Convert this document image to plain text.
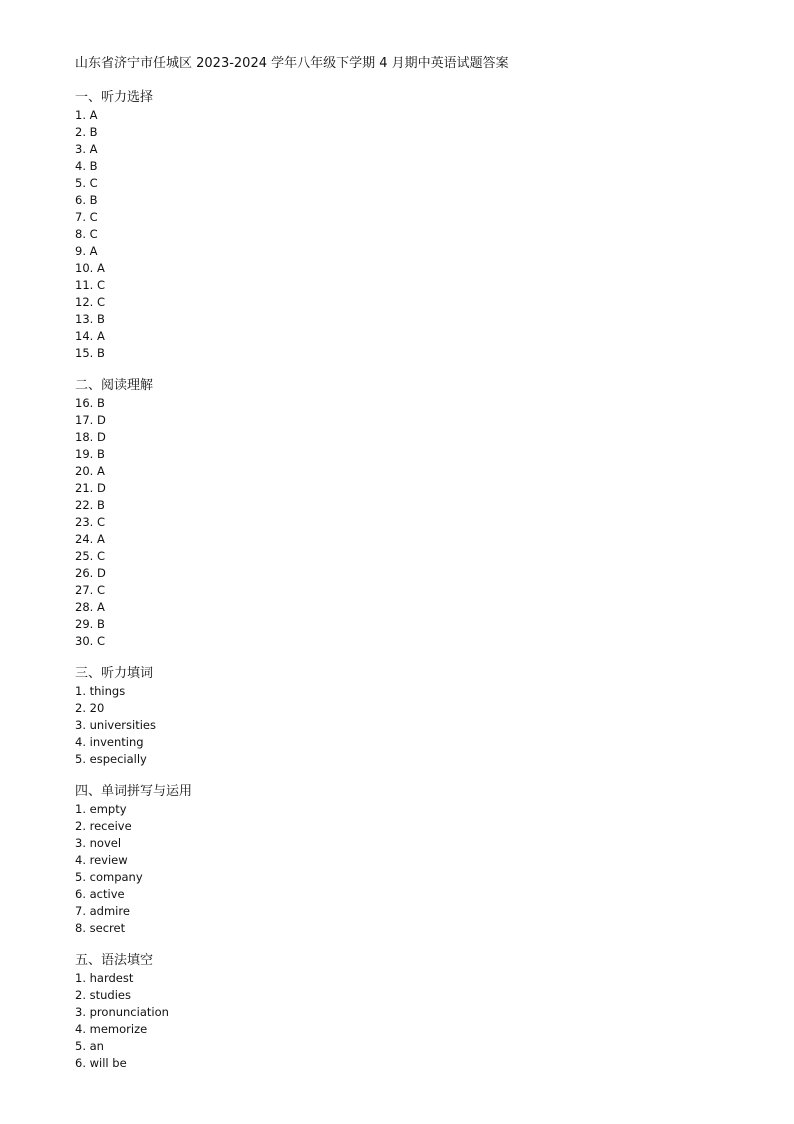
山东省济宁市任城区 2023-2024 学年八年级下学期 4 月期中英语试题答案
一、听力选择
1. A
2. B
3. A
4. B
5. C
6. B
7. C
8. C
9. A
10. A
11. C
12. C
13. B
14. A
15. B
二、阅读理解
16. B
17. D
18. D
19. B
20. A
21. D
22. B
23. C
24. A
25. C
26. D
27. C
28. A
29. B
30. C
三、听力填词
1. things
2. 20
3. universities
4. inventing
5. especially
四、单词拼写与运用
1. empty
2. receive
3. novel
4. review
5. company
6. active
7. admire
8. secret
五、语法填空
1. hardest
2. studies
3. pronunciation
4. memorize
5. an
6. will be
